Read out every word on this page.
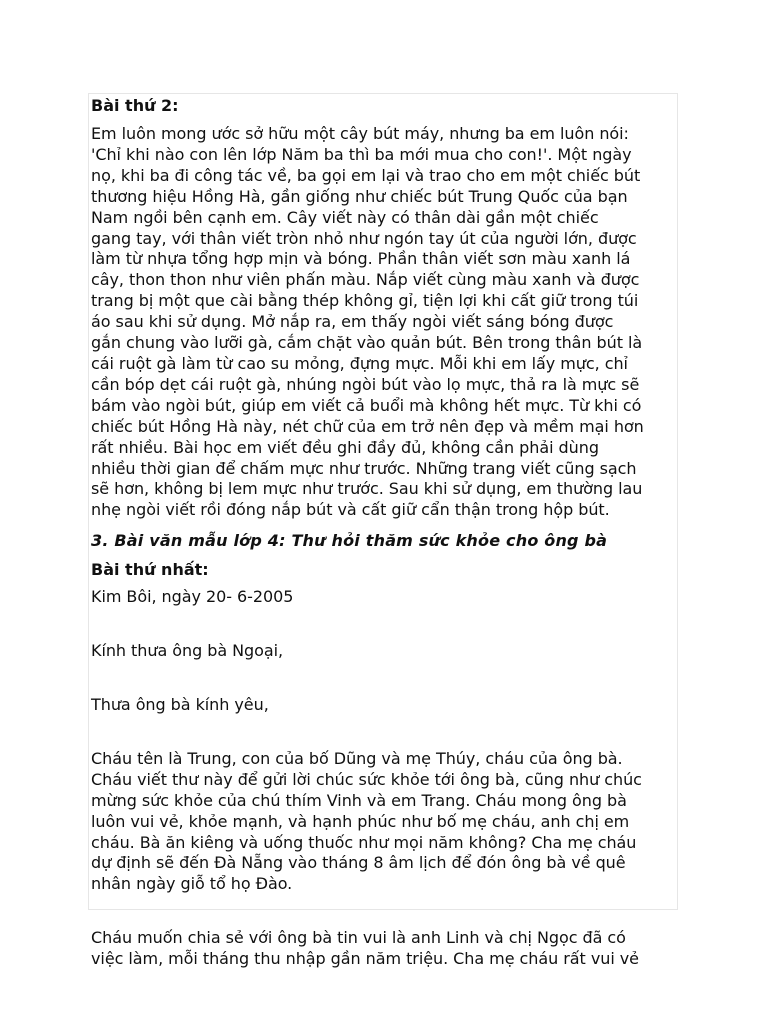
Bài thứ 2:

Em luôn mong ước sở hữu một cây bút máy, nhưng ba em luôn nói:

'Chỉ khi nào con lên lớp Năm ba thì ba mới mua cho con!'. Một ngày

nọ, khi ba đi công tác về, ba gọi em lại và trao cho em một chiếc bút

thương hiệu Hồng Hà, gần giống như chiếc bút Trung Quốc của bạn

Nam ngồi bên cạnh em. Cây viết này có thân dài gần một chiếc

gang tay, với thân viết tròn nhỏ như ngón tay út của người lớn, được

làm từ nhựa tổng hợp mịn và bóng. Phần thân viết sơn màu xanh lá

cây, thon thon như viên phấn màu. Nắp viết cùng màu xanh và được

trang bị một que cài bằng thép không gỉ, tiện lợi khi cất giữ trong túi

áo sau khi sử dụng. Mở nắp ra, em thấy ngòi viết sáng bóng được

gắn chung vào lưỡi gà, cắm chặt vào quản bút. Bên trong thân bút là

cái ruột gà làm từ cao su mỏng, đựng mực. Mỗi khi em lấy mực, chỉ

cần bóp dẹt cái ruột gà, nhúng ngòi bút vào lọ mực, thả ra là mực sẽ

bám vào ngòi bút, giúp em viết cả buổi mà không hết mực. Từ khi có

chiếc bút Hồng Hà này, nét chữ của em trở nên đẹp và mềm mại hơn

rất nhiều. Bài học em viết đều ghi đầy đủ, không cần phải dùng

nhiều thời gian để chấm mực như trước. Những trang viết cũng sạch

sẽ hơn, không bị lem mực như trước. Sau khi sử dụng, em thường lau

nhẹ ngòi viết rồi đóng nắp bút và cất giữ cẩn thận trong hộp bút.

3. Bài văn mẫu lớp 4: Thư hỏi thăm sức khỏe cho ông bà

Bài thứ nhất:

Kim Bôi, ngày 20- 6-2005

Kính thưa ông bà Ngoại,

Thưa ông bà kính yêu,

Cháu tên là Trung, con của bố Dũng và mẹ Thúy, cháu của ông bà.

Cháu viết thư này để gửi lời chúc sức khỏe tới ông bà, cũng như chúc

mừng sức khỏe của chú thím Vinh và em Trang. Cháu mong ông bà

luôn vui vẻ, khỏe mạnh, và hạnh phúc như bố mẹ cháu, anh chị em

cháu. Bà ăn kiêng và uống thuốc như mọi năm không? Cha mẹ cháu

dự định sẽ đến Đà Nẵng vào tháng 8 âm lịch để đón ông bà về quê

nhân ngày giỗ tổ họ Đào.

Cháu muốn chia sẻ với ông bà tin vui là anh Linh và chị Ngọc đã có

việc làm, mỗi tháng thu nhập gần năm triệu. Cha mẹ cháu rất vui vẻ
